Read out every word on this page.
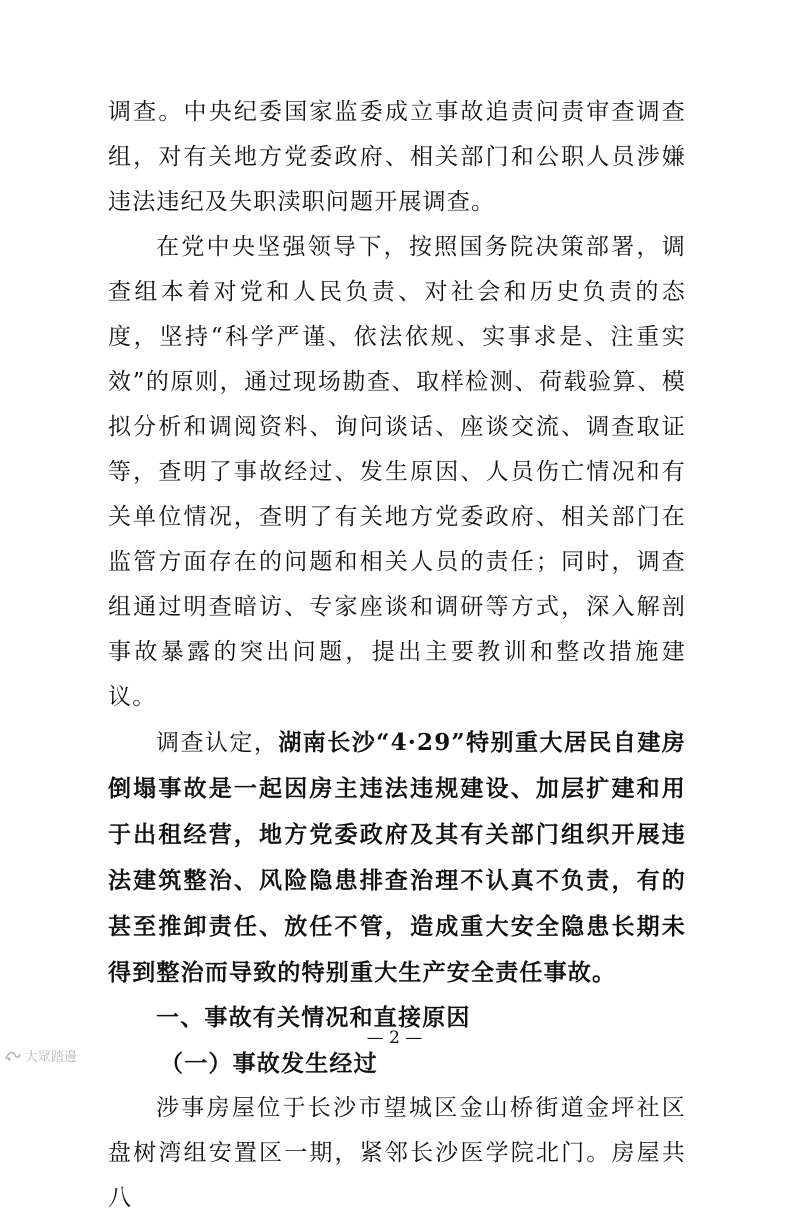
调查。中央纪委国家监委成立事故追责问责审查调查组，对有关地方党委政府、相关部门和公职人员涉嫌违法违纪及失职渎职问题开展调查。

在党中央坚强领导下，按照国务院决策部署，调查组本着对党和人民负责、对社会和历史负责的态度，坚持“科学严谨、依法依规、实事求是、注重实效”的原则，通过现场勘查、取样检测、荷载验算、模拟分析和调阅资料、询问谈话、座谈交流、调查取证等，查明了事故经过、发生原因、人员伤亡情况和有关单位情况，查明了有关地方党委政府、相关部门在监管方面存在的问题和相关人员的责任；同时，调查组通过明查暗访、专家座谈和调研等方式，深入解剖事故暴露的突出问题，提出主要教训和整改措施建议。

调查认定，湖南长沙“4·29”特别重大居民自建房倒塌事故是一起因房主违法违规建设、加层扩建和用于出租经营，地方党委政府及其有关部门组织开展违法建筑整治、风险隐患排查治理不认真不负责，有的甚至推卸责任、放任不管，造成重大安全隐患长期未得到整治而导致的特别重大生产安全责任事故。

一、事故有关情况和直接原因

（一）事故发生经过

涉事房屋位于长沙市望城区金山桥街道金坪社区盘树湾组安置区一期，紧邻长沙医学院北门。房屋共八

— 2 —
大眾踏邊
